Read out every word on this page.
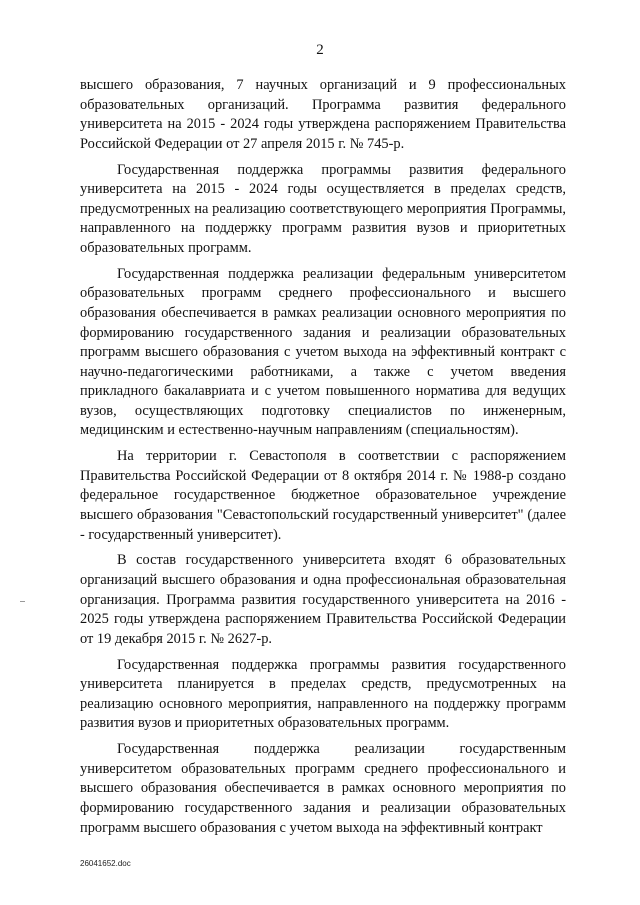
2

высшего образования, 7 научных организаций и 9 профессиональных образовательных организаций. Программа развития федерального университета на 2015 - 2024 годы утверждена распоряжением Правительства Российской Федерации от 27 апреля 2015 г. № 745-р.

Государственная поддержка программы развития федерального университета на 2015 - 2024 годы осуществляется в пределах средств, предусмотренных на реализацию соответствующего мероприятия Программы, направленного на поддержку программ развития вузов и приоритетных образовательных программ.

Государственная поддержка реализации федеральным университетом образовательных программ среднего профессионального и высшего образования обеспечивается в рамках реализации основного мероприятия по формированию государственного задания и реализации образовательных программ высшего образования с учетом выхода на эффективный контракт с научно-педагогическими работниками, а также с учетом введения прикладного бакалавриата и с учетом повышенного норматива для ведущих вузов, осуществляющих подготовку специалистов по инженерным, медицинским и естественно-научным направлениям (специальностям).

На территории г. Севастополя в соответствии с распоряжением Правительства Российской Федерации от 8 октября 2014 г. № 1988-р создано федеральное государственное бюджетное образовательное учреждение высшего образования "Севастопольский государственный университет" (далее - государственный университет).

В состав государственного университета входят 6 образовательных организаций высшего образования и одна профессиональная образовательная организация. Программа развития государственного университета на 2016 - 2025 годы утверждена распоряжением Правительства Российской Федерации от 19 декабря 2015 г. № 2627-р.

Государственная поддержка программы развития государственного университета планируется в пределах средств, предусмотренных на реализацию основного мероприятия, направленного на поддержку программ развития вузов и приоритетных образовательных программ.

Государственная поддержка реализации государственным университетом образовательных программ среднего профессионального и высшего образования обеспечивается в рамках основного мероприятия по формированию государственного задания и реализации образовательных программ высшего образования с учетом выхода на эффективный контракт

26041652.doc
